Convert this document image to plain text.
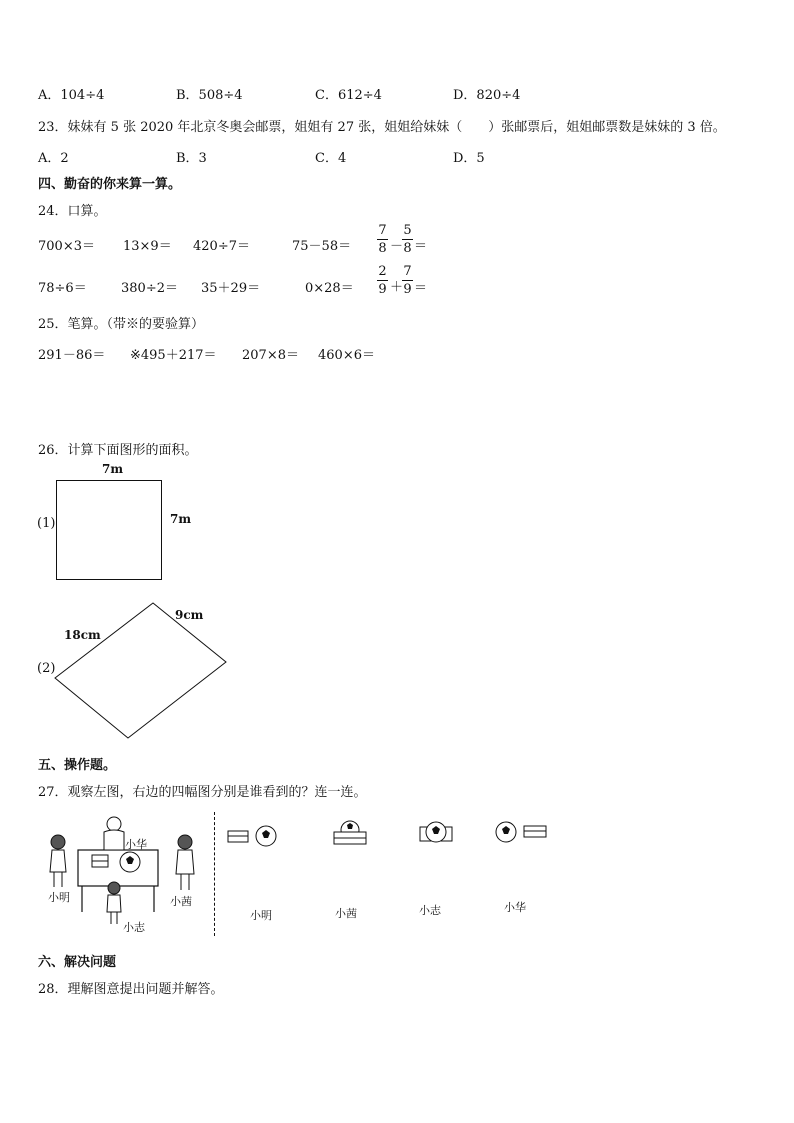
A．104÷4	B．508÷4	C．612÷4	D．820÷4
23．妹妹有 5 张 2020 年北京冬奥会邮票，姐姐有 27 张，姐姐给妹妹（　　）张邮票后，姐姐邮票数是妹妹的 3 倍。
A．2	B．3	C．4	D．5
四、勤奋的你来算一算。
24．口算。
700×3＝ 13×9＝ 420÷7＝	75－58＝
7
8 －
5
8 ＝
78÷6＝	380÷2＝ 35＋29＝	0×28＝
2
9 ＋
7
9 ＝
25．笔算。（带※的要验算）
291－86＝ ※495＋217＝ 207×8＝ 460×6＝
26．计算下面图形的面积。
7m
(1)	7m
18cm
9cm
(2)
五、操作题。
27．观察左图，右边的四幅图分别是谁看到的？连一连。
小华
小明	小茜
小志
小明	小茜	小志	小华
六、解决问题
28．理解图意提出问题并解答。
